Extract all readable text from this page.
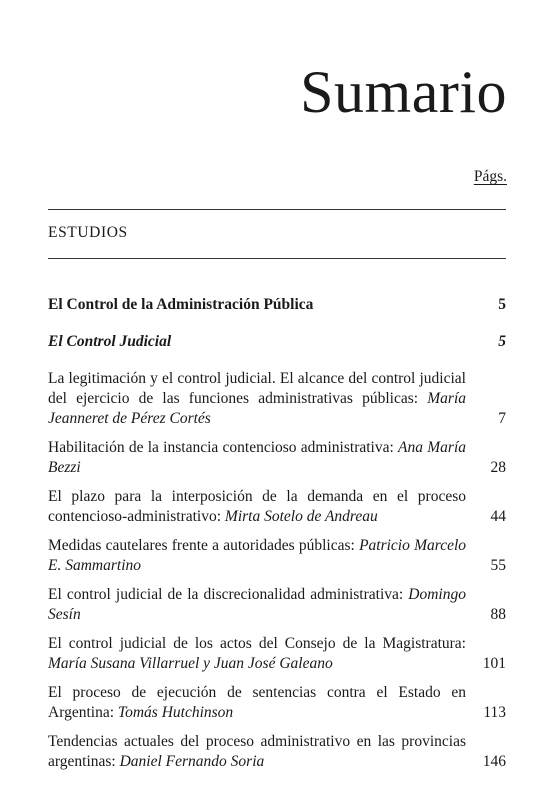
Sumario
Págs.
ESTUDIOS
El Control de la Administración Pública	5
El Control Judicial	5
La legitimación y el control judicial. El alcance del control judicial del ejercicio de las funciones administrativas públicas: María Jeanneret de Pérez Cortés	7
Habilitación de la instancia contencioso administrativa: Ana María Bezzi	28
El plazo para la interposición de la demanda en el proceso contencioso-administrativo: Mirta Sotelo de Andreau	44
Medidas cautelares frente a autoridades públicas: Patricio Marcelo E. Sammartino	55
El control judicial de la discrecionalidad administrativa: Domingo Sesín	88
El control judicial de los actos del Consejo de la Magistratura: María Susana Villarruel y Juan José Galeano	101
El proceso de ejecución de sentencias contra el Estado en Argentina: Tomás Hutchinson	113
Tendencias actuales del proceso administrativo en las provincias argentinas: Daniel Fernando Soria	146
